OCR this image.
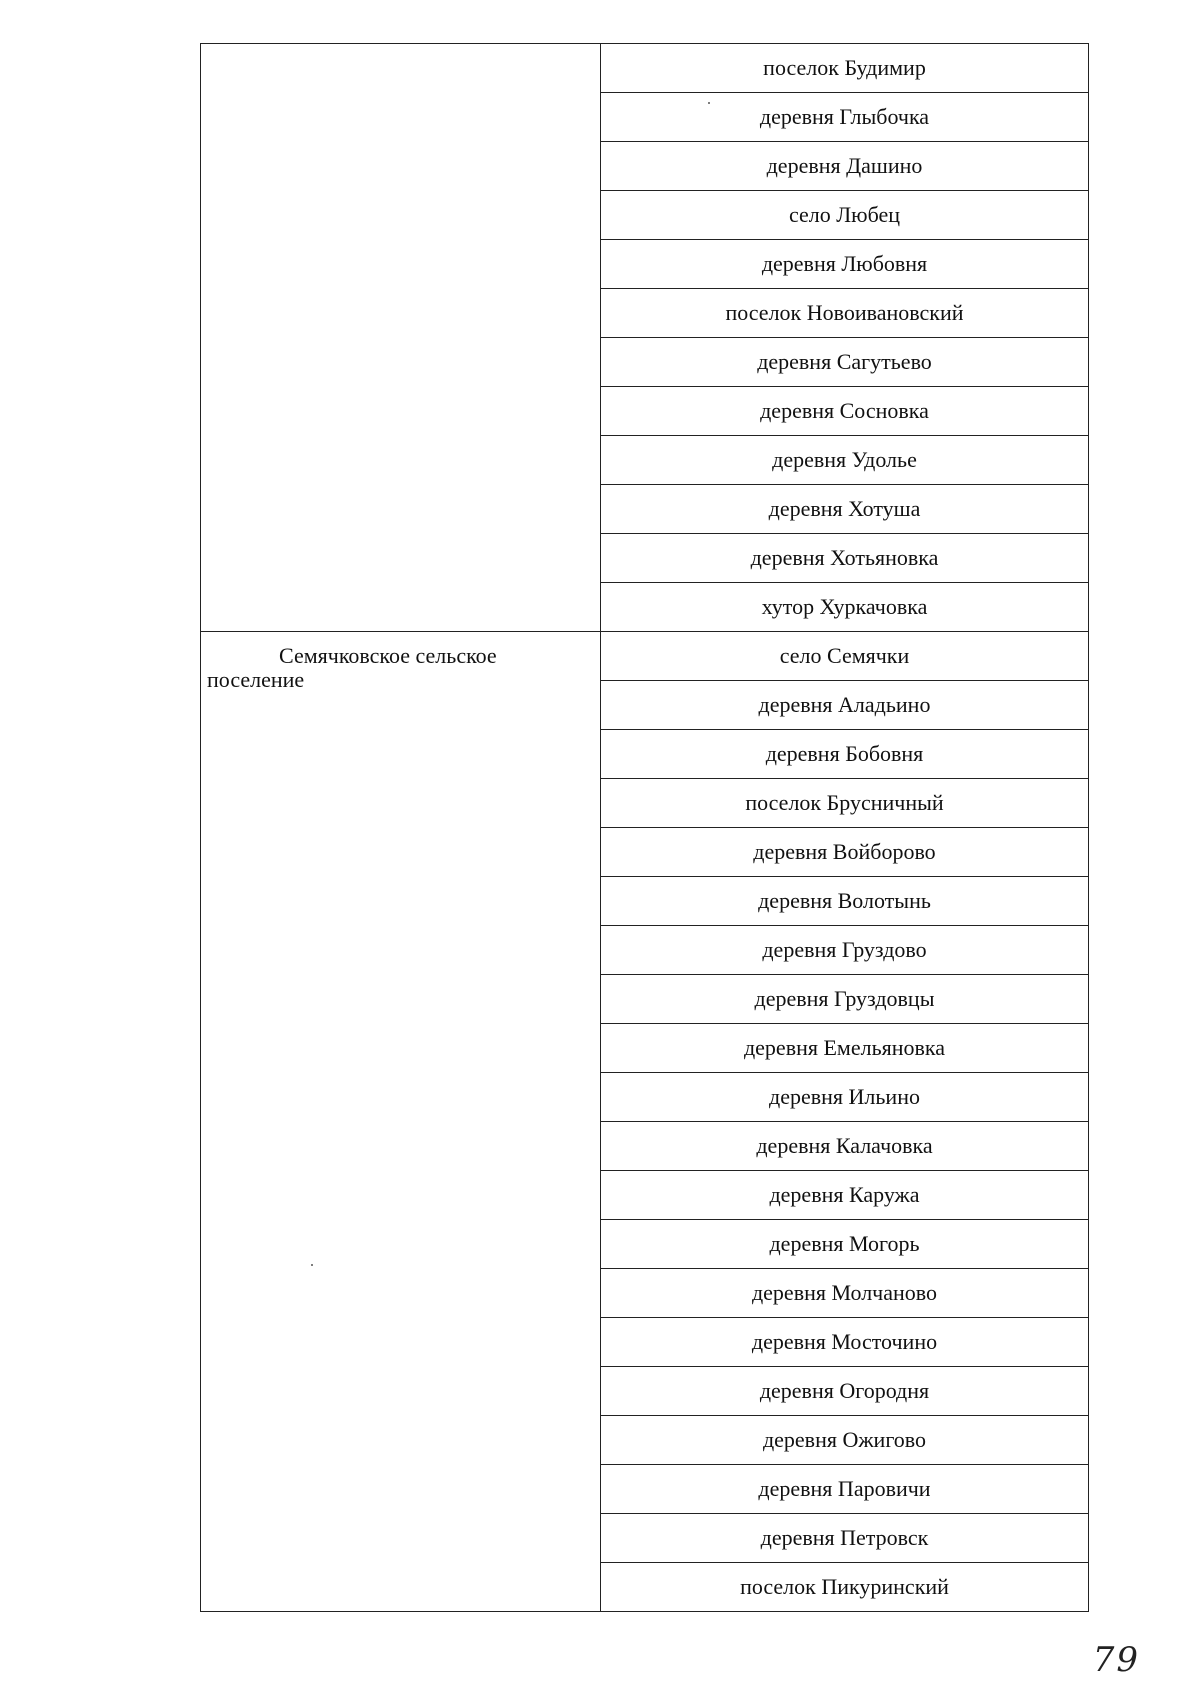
	поселок Будимир
	деревня Глыбочка
	деревня Дашино
	село Любец
	деревня Любовня
	поселок Новоивановский
	деревня Сагутьево
	деревня Сосновка
	деревня Удолье
	деревня Хотуша
	деревня Хотьяновка
	хутор Хуркачовка
Семячковское сельское поселение	село Семячки
	деревня Аладьино
	деревня Бобовня
	поселок Брусничный
	деревня Войборово
	деревня Волотынь
	деревня Груздово
	деревня Груздовцы
	деревня Емельяновка
	деревня Ильино
	деревня Калачовка
	деревня Каружа
	деревня Могорь
	деревня Молчаново
	деревня Мосточино
	деревня Огородня
	деревня Ожигово
	деревня Паровичи
	деревня Петровск
	поселок Пикуринский
79
